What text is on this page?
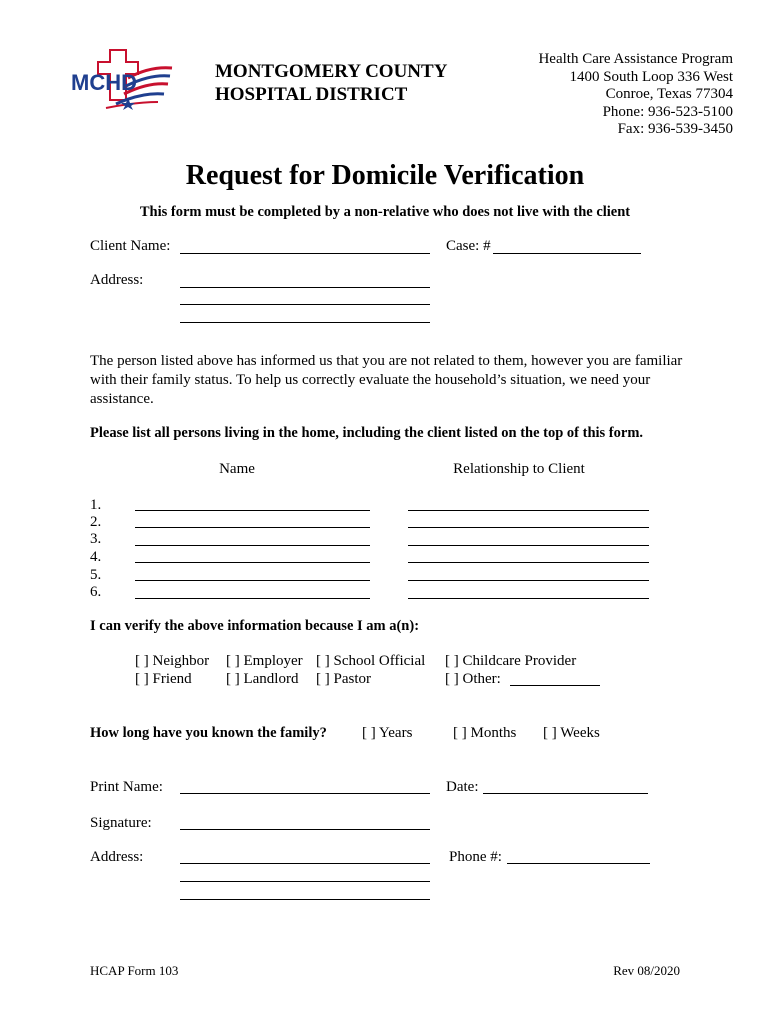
MCHD	MONTGOMERY COUNTY
HOSPITAL DISTRICT
Health Care Assistance Program
1400 South Loop 336 West
Conroe, Texas 77304
Phone: 936-523-5100
Fax: 936-539-3450
Request for Domicile Verification
This form must be completed by a non-relative who does not live with the client
Client Name:	Case: #
Address:
The person listed above has informed us that you are not related to them, however you are familiar with their family status. To help us correctly evaluate the household’s situation, we need your assistance.
Please list all persons living in the home, including the client listed on the top of this form.
Name	Relationship to Client
1.
2.
3.
4.
5.
6.
I can verify the above information because I am a(n):
[ ] Neighbor [ ] Employer [ ] School Official [ ] Childcare Provider
[ ] Friend [ ] Landlord [ ] Pastor	[ ] Other:
How long have you known the family? [ ] Years	[ ] Months [ ] Weeks
Print Name:	Date:
Signature:
Address:	Phone #:
HCAP Form 103	Rev 08/2020
